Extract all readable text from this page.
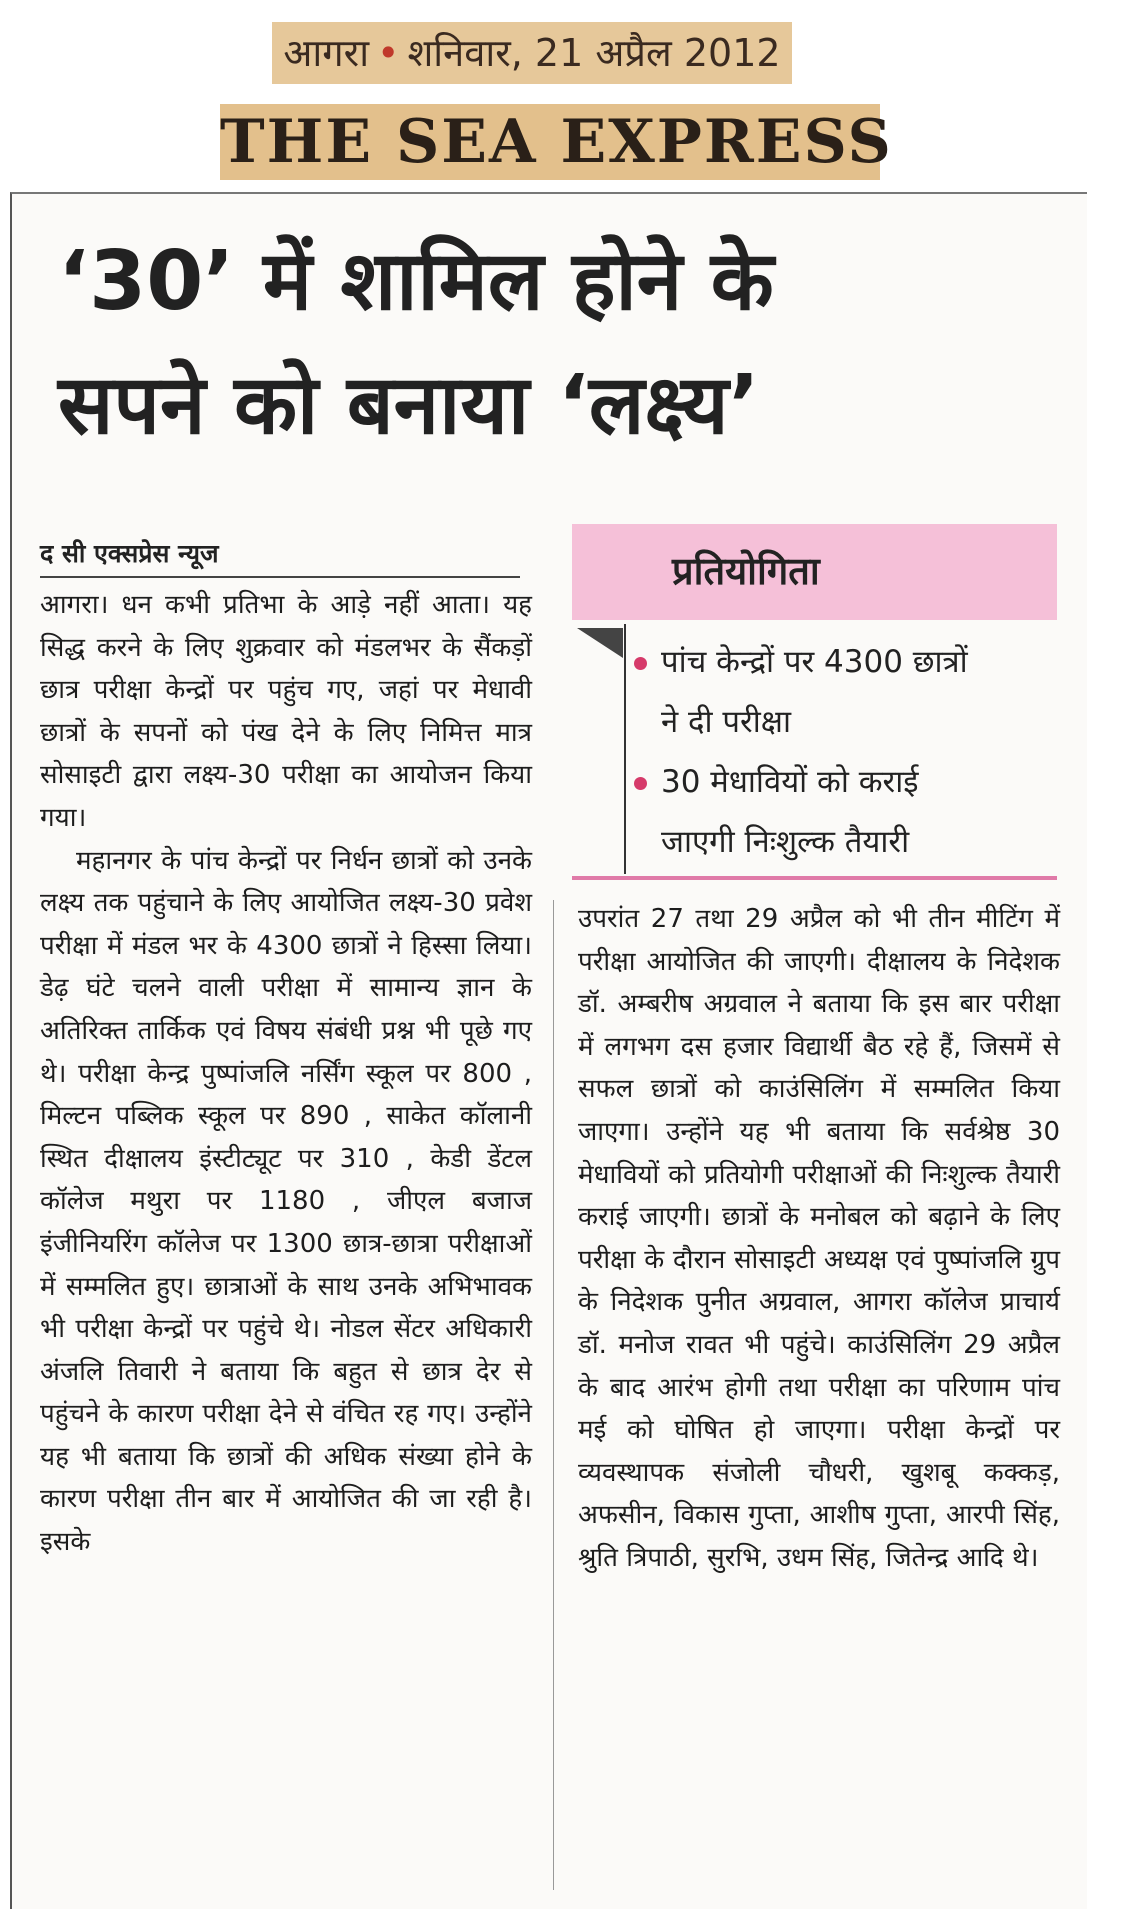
आगरा • शनिवार, 21 अप्रैल 2012
THE SEA EXPRESS
‘30’ में शामिल होने के
सपने को बनाया ‘लक्ष्य’
द सी एक्सप्रेस न्यूज	प्रतियोगिता
पांच केन्द्रों पर 4300 छात्रों
ने दी परीक्षा
30 मेधावियों को कराई
जाएगी निःशुल्क तैयारी

आगरा। धन कभी प्रतिभा के आड़े नहीं आता। यह सिद्ध करने के लिए शुक्रवार को मंडलभर के सैंकड़ों छात्र परीक्षा केन्द्रों पर पहुंच गए, जहां पर मेधावी छात्रों के सपनों को पंख देने के लिए निमित्त मात्र सोसाइटी द्वारा लक्ष्य-30 परीक्षा का आयोजन किया गया।

महानगर के पांच केन्द्रों पर निर्धन छात्रों को उनके लक्ष्य तक पहुंचाने के लिए आयोजित लक्ष्य-30 प्रवेश परीक्षा में मंडल भर के 4300 छात्रों ने हिस्सा लिया। डेढ़ घंटे चलने वाली परीक्षा में सामान्य ज्ञान के अतिरिक्त तार्किक एवं विषय संबंधी प्रश्न भी पूछे गए थे। परीक्षा केन्द्र पुष्पांजलि नर्सिंग स्कूल पर 800 , मिल्टन पब्लिक स्कूल पर 890 , साकेत कॉलानी स्थित दीक्षालय इंस्टीट्यूट पर 310 , केडी डेंटल कॉलेज मथुरा पर 1180 , जीएल बजाज इंजीनियरिंग कॉलेज पर 1300 छात्र-छात्रा परीक्षाओं में सम्मलित हुए। छात्राओं के साथ उनके अभिभावक भी परीक्षा केन्द्रों पर पहुंचे थे। नोडल सेंटर अधिकारी अंजलि तिवारी ने बताया कि बहुत से छात्र देर से पहुंचने के कारण परीक्षा देने से वंचित रह गए। उन्होंने यह भी बताया कि छात्रों की अधिक संख्या होने के कारण परीक्षा तीन बार में आयोजित की जा रही है। इसके

उपरांत 27 तथा 29 अप्रैल को भी तीन मीटिंग में परीक्षा आयोजित की जाएगी। दीक्षालय के निदेशक डॉ. अम्बरीष अग्रवाल ने बताया कि इस बार परीक्षा में लगभग दस हजार विद्यार्थी बैठ रहे हैं, जिसमें से सफल छात्रों को काउंसिलिंग में सम्मलित किया जाएगा। उन्होंने यह भी बताया कि सर्वश्रेष्ठ 30 मेधावियों को प्रतियोगी परीक्षाओं की निःशुल्क तैयारी कराई जाएगी। छात्रों के मनोबल को बढ़ाने के लिए परीक्षा के दौरान सोसाइटी अध्यक्ष एवं पुष्पांजलि ग्रुप के निदेशक पुनीत अग्रवाल, आगरा कॉलेज प्राचार्य डॉ. मनोज रावत भी पहुंचे। काउंसिलिंग 29 अप्रैल के बाद आरंभ होगी तथा परीक्षा का परिणाम पांच मई को घोषित हो जाएगा। परीक्षा केन्द्रों पर व्यवस्थापक संजोली चौधरी, खुशबू कक्कड़, अफसीन, विकास गुप्ता, आशीष गुप्ता, आरपी सिंह, श्रुति त्रिपाठी, सुरभि, उधम सिंह, जितेन्द्र आदि थे।
